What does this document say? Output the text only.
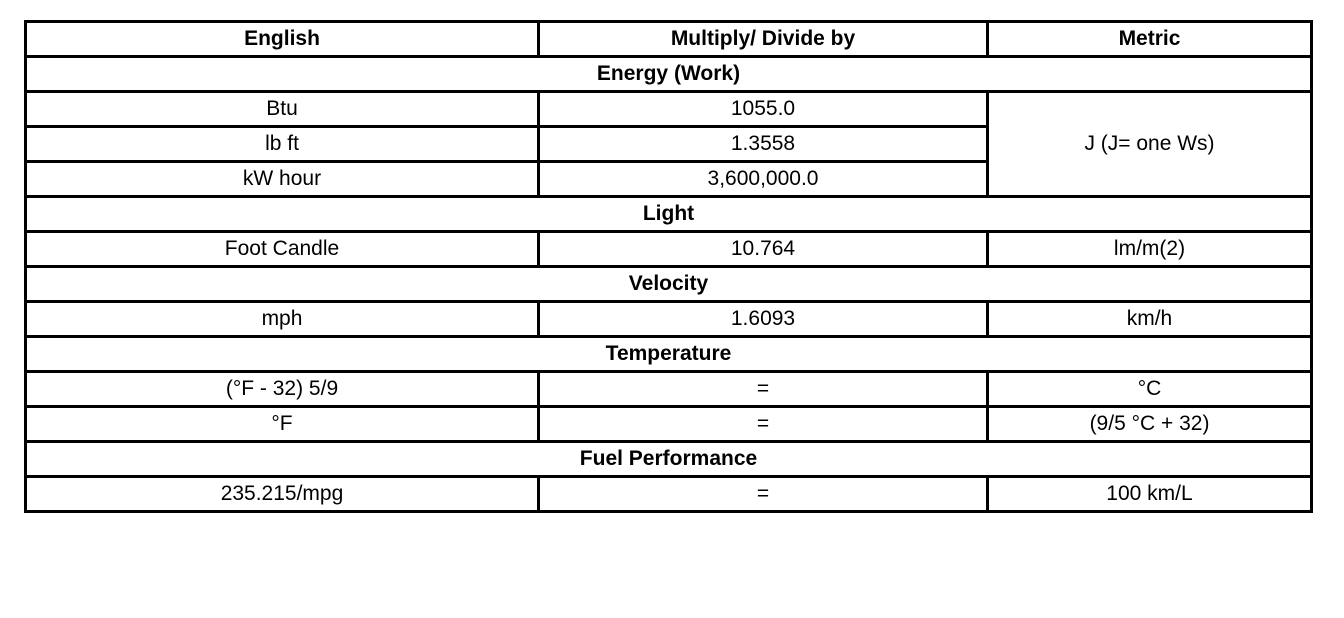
English	Multiply/ Divide by	Metric
Energy (Work)		
Btu	1055.0	J (J= one Ws)
lb ft	1.3558	
kW hour	3,600,000.0	
Light		
Foot Candle	10.764	lm/m(2)
Velocity		
mph	1.6093	km/h
Temperature		
(°F - 32) 5/9	=	°C
°F	=	(9/5 °C + 32)
Fuel Performance		
235.215/mpg	=	100 km/L
